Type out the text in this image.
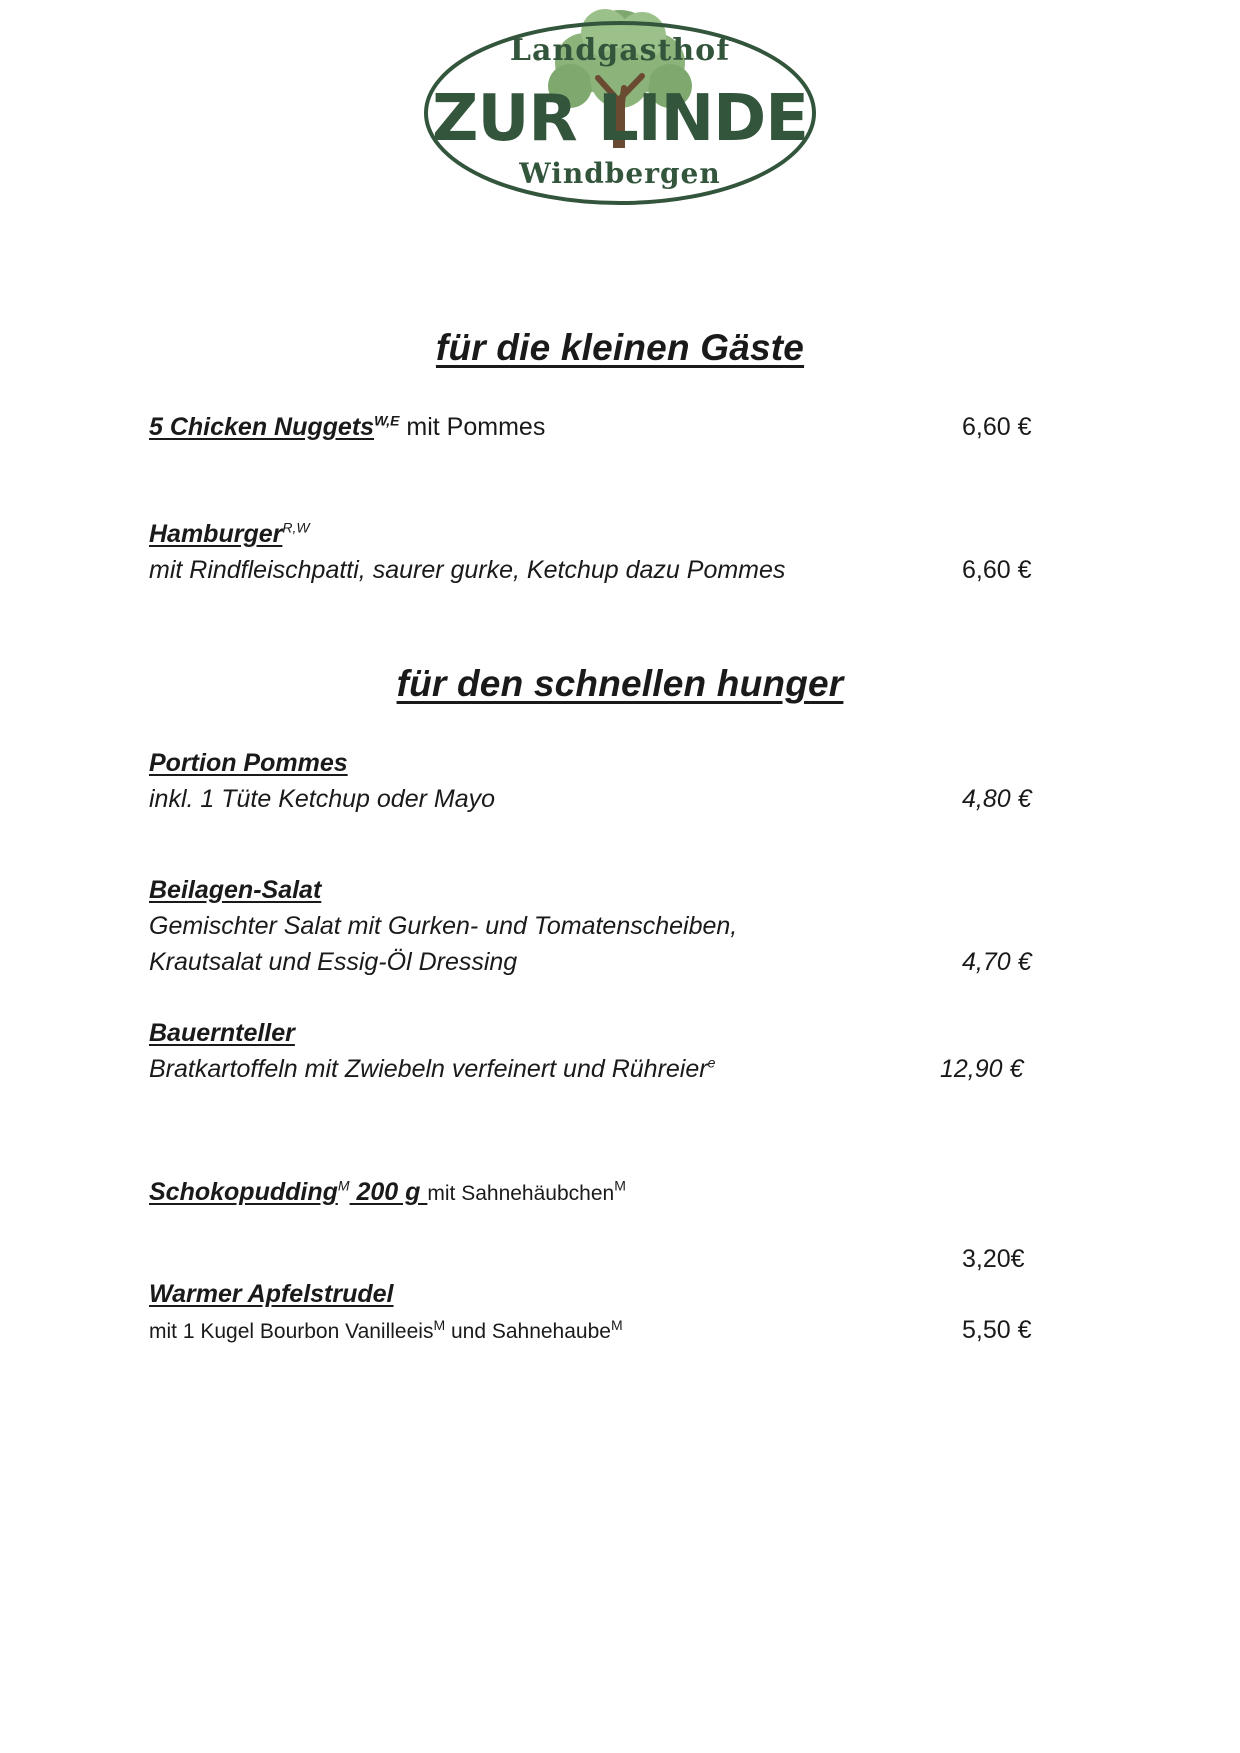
Landgasthof
ZUR LINDE
Windbergen
für die kleinen Gäste
5 Chicken Nuggets$^{W,E}$ mit Pommes	6,60 €
Hamburger$^{R,W}$
mit Rindfleischpatti, saurer gurke, Ketchup dazu Pommes	6,60 €
für den schnellen hunger
Portion Pommes
inkl. 1 Tüte Ketchup oder Mayo	4,80 €
Beilagen-Salat
Gemischter Salat mit Gurken- und Tomatenscheiben,
Krautsalat und Essig-Öl Dressing	4,70 €
Bauernteller
Bratkartoffeln mit Zwiebeln verfeinert und Rühreier$^e$	12,90 €
Schokopudding$^M$ 200 g mit Sahnehäubchen$^M$
3,20€
Warmer Apfelstrudel
mit 1 Kugel Bourbon Vanilleeis$^M$ und Sahnehaube$^M$	5,50 €
